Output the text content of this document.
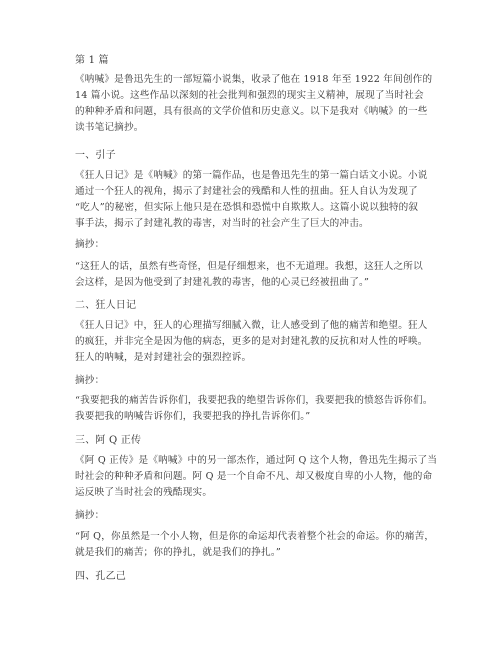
第 1 篇
《呐喊》是鲁迅先生的一部短篇小说集，收录了他在 1918 年至 1922 年间创作的
14 篇小说。这些作品以深刻的社会批判和强烈的现实主义精神，展现了当时社会
的种种矛盾和问题，具有很高的文学价值和历史意义。以下是我对《呐喊》的一些
读书笔记摘抄。
一、引子
《狂人日记》是《呐喊》的第一篇作品，也是鲁迅先生的第一篇白话文小说。小说
通过一个狂人的视角，揭示了封建社会的残酷和人性的扭曲。狂人自认为发现了
“吃人”的秘密，但实际上他只是在恐惧和恐慌中自欺欺人。这篇小说以独特的叙
事手法，揭示了封建礼教的毒害，对当时的社会产生了巨大的冲击。
摘抄：
“这狂人的话，虽然有些奇怪，但是仔细想来，也不无道理。我想，这狂人之所以
会这样，是因为他受到了封建礼教的毒害，他的心灵已经被扭曲了。”
二、狂人日记
《狂人日记》中，狂人的心理描写细腻入微，让人感受到了他的痛苦和绝望。狂人
的疯狂，并非完全是因为他的病态，更多的是对封建礼教的反抗和对人性的呼唤。
狂人的呐喊，是对封建社会的强烈控诉。
摘抄：
“我要把我的痛苦告诉你们，我要把我的绝望告诉你们，我要把我的愤怒告诉你们。
我要把我的呐喊告诉你们，我要把我的挣扎告诉你们。”
三、阿 Q 正传
《阿 Q 正传》是《呐喊》中的另一部杰作，通过阿 Q 这个人物，鲁迅先生揭示了当
时社会的种种矛盾和问题。阿 Q 是一个自命不凡、却又极度自卑的小人物，他的命
运反映了当时社会的残酷现实。
摘抄：
“阿 Q，你虽然是一个小人物，但是你的命运却代表着整个社会的命运。你的痛苦，
就是我们的痛苦；你的挣扎，就是我们的挣扎。”
四、孔乙己
